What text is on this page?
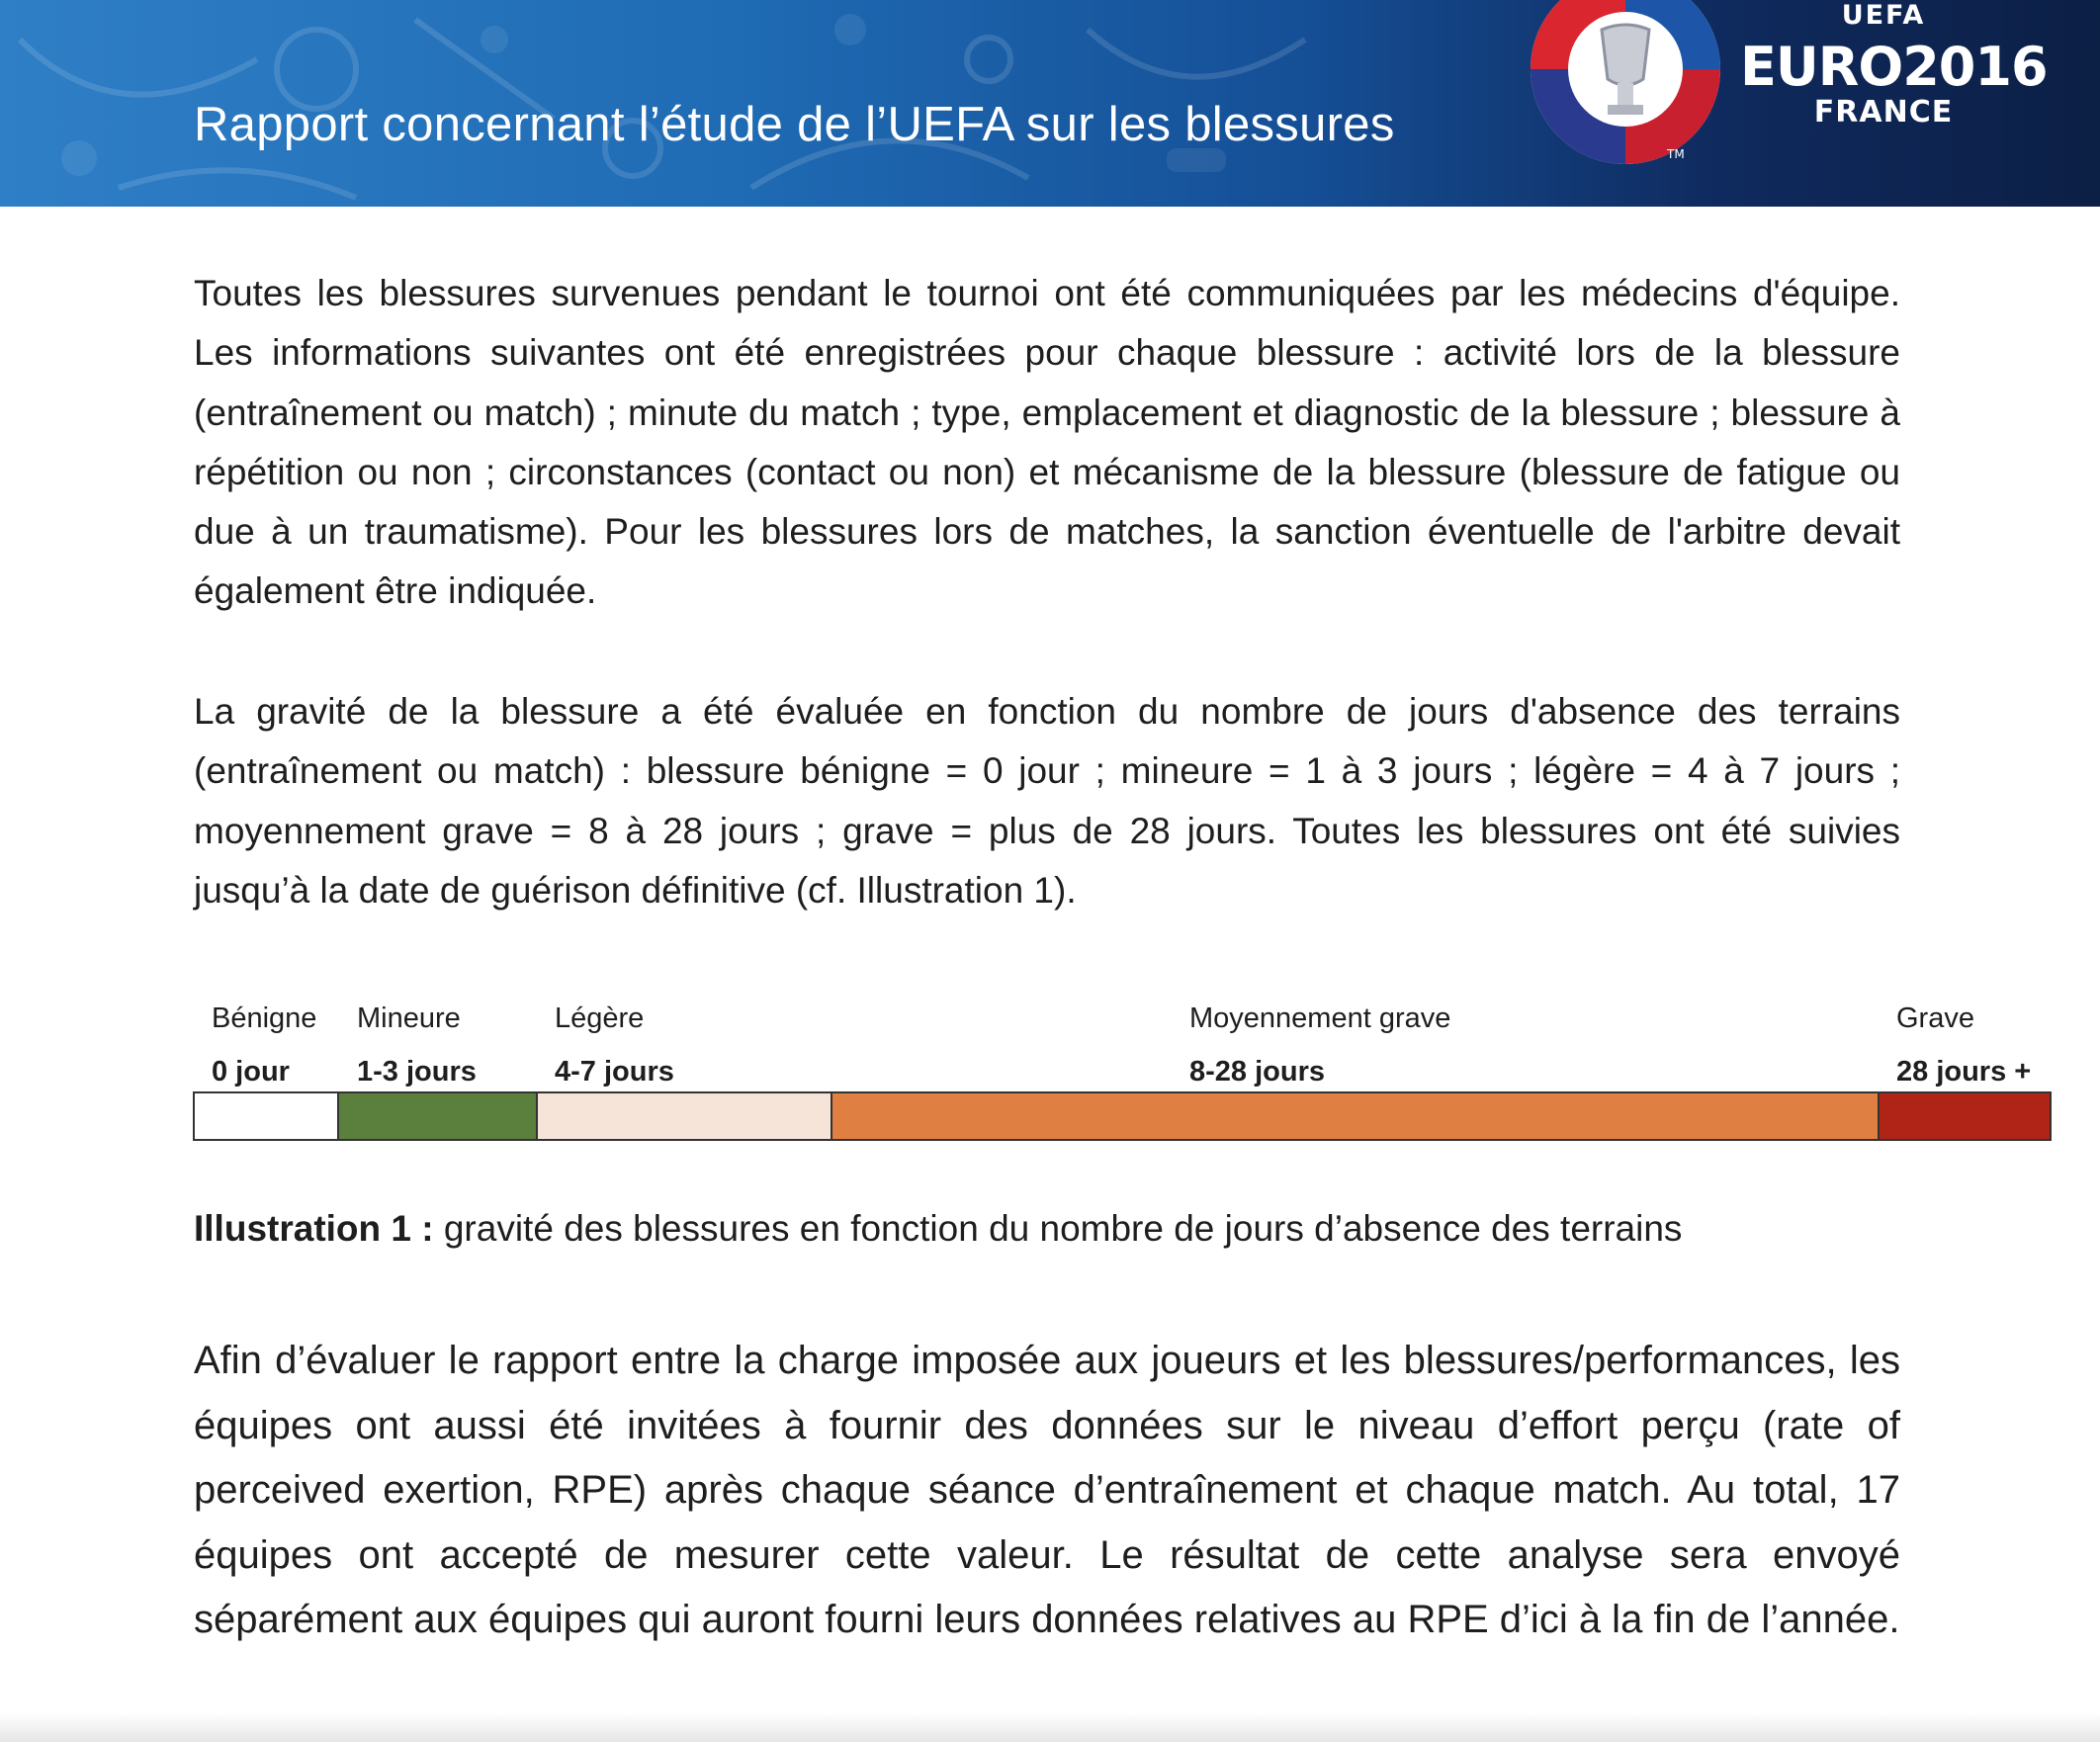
Rapport concernant l’étude de l’UEFA sur les blessures
TM
UEFA
EURO2016
FRANCE

Toutes les blessures survenues pendant le tournoi ont été communiquées par les médecins d'équipe. Les informations suivantes ont été enregistrées pour chaque blessure : activité lors de la blessure (entraînement ou match) ; minute du match ; type, emplacement et diagnostic de la blessure ; blessure à répétition ou non ; circonstances (contact ou non) et mécanisme de la blessure (blessure de fatigue ou due à un traumatisme). Pour les blessures lors de matches, la sanction éventuelle de l'arbitre devait également être indiquée.

La gravité de la blessure a été évaluée en fonction du nombre de jours d'absence des terrains (entraînement ou match) : blessure bénigne = 0 jour ; mineure = 1 à 3 jours ; légère = 4 à 7 jours ; moyennement grave = 8 à 28 jours ; grave = plus de 28 jours. Toutes les blessures ont été suivies jusqu’à la date de guérison définitive (cf. Illustration 1).

Bénigne Mineure	Légère	Moyennement grave	Grave
0 jour 1-3 jours	4-7 jours	8-28 jours	28 jours +
Illustration 1 : gravité des blessures en fonction du nombre de jours d’absence des terrains

Afin d’évaluer le rapport entre la charge imposée aux joueurs et les blessures/performances, les équipes ont aussi été invitées à fournir des données sur le niveau d’effort perçu (rate of perceived exertion, RPE) après chaque séance d’entraînement et chaque match. Au total, 17 équipes ont accepté de mesurer cette valeur. Le résultat de cette analyse sera envoyé séparément aux équipes qui auront fourni leurs données relatives au RPE d’ici à la fin de l’année.
